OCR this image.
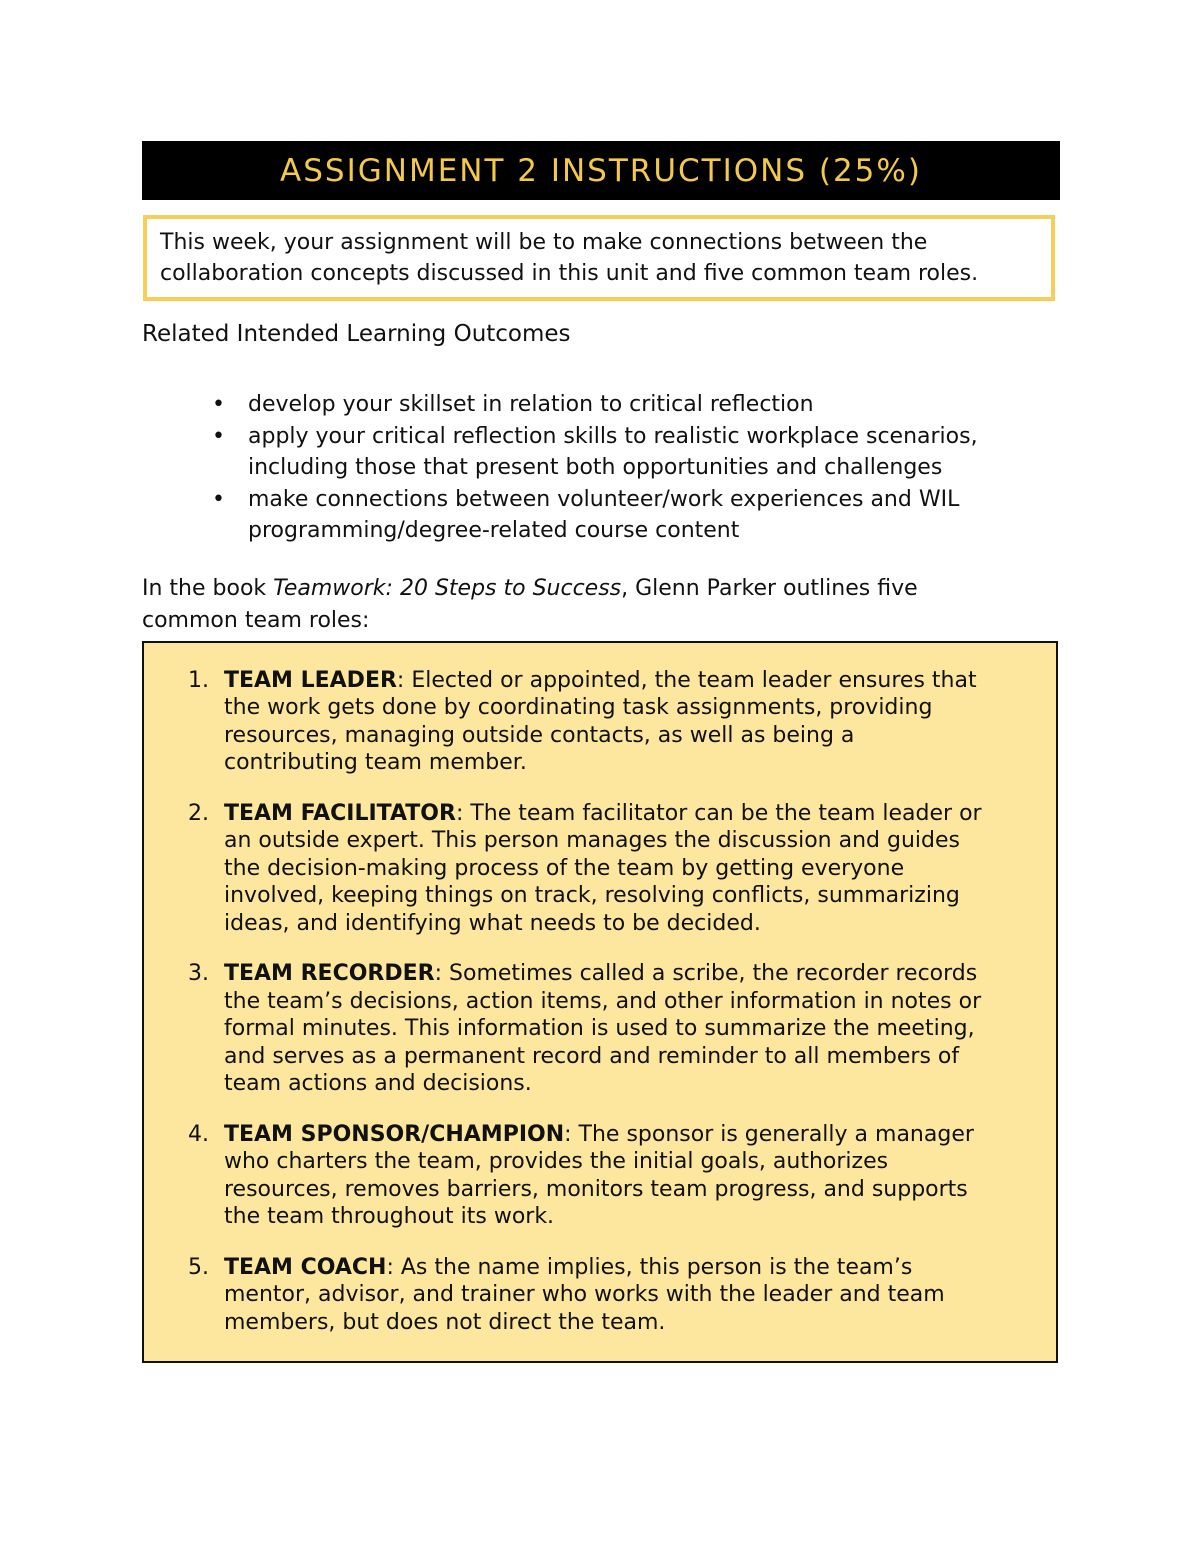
ASSIGNMENT 2 INSTRUCTIONS (25%)
This week, your assignment will be to make connections between the
collaboration concepts discussed in this unit and five common team roles.
Related Intended Learning Outcomes
• develop your skillset in relation to critical reflection
• apply your critical reflection skills to realistic workplace scenarios,
including those that present both opportunities and challenges
• make connections between volunteer/work experiences and WIL
programming/degree-related course content
In the book Teamwork: 20 Steps to Success, Glenn Parker outlines five
common team roles:
1. TEAM LEADER: Elected or appointed, the team leader ensures that
the work gets done by coordinating task assignments, providing
resources, managing outside contacts, as well as being a
contributing team member.
2. TEAM FACILITATOR: The team facilitator can be the team leader or
an outside expert. This person manages the discussion and guides
the decision-making process of the team by getting everyone
involved, keeping things on track, resolving conflicts, summarizing
ideas, and identifying what needs to be decided.
3. TEAM RECORDER: Sometimes called a scribe, the recorder records
the team’s decisions, action items, and other information in notes or
formal minutes. This information is used to summarize the meeting,
and serves as a permanent record and reminder to all members of
team actions and decisions.
4. TEAM SPONSOR/CHAMPION: The sponsor is generally a manager
who charters the team, provides the initial goals, authorizes
resources, removes barriers, monitors team progress, and supports
the team throughout its work.
5. TEAM COACH: As the name implies, this person is the team’s
mentor, advisor, and trainer who works with the leader and team
members, but does not direct the team.
